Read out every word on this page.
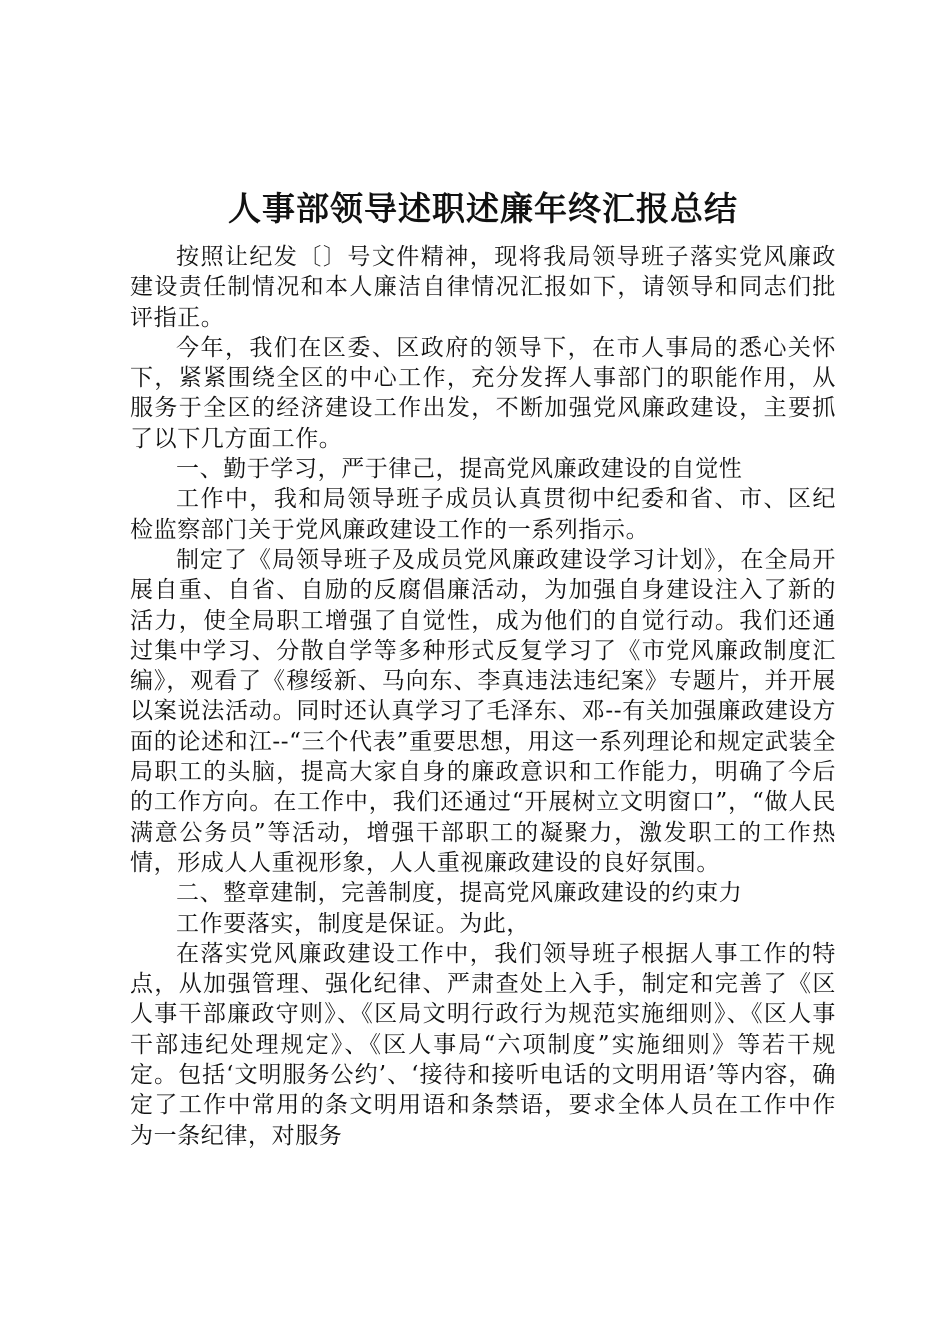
人事部领导述职述廉年终汇报总结

按照让纪发〔〕号文件精神，现将我局领导班子落实党风廉政建设责任制情况和本人廉洁自律情况汇报如下，请领导和同志们批评指正。

今年，我们在区委、区政府的领导下，在市人事局的悉心关怀下，紧紧围绕全区的中心工作，充分发挥人事部门的职能作用，从服务于全区的经济建设工作出发，不断加强党风廉政建设，主要抓了以下几方面工作。

一、勤于学习，严于律己，提高党风廉政建设的自觉性

工作中，我和局领导班子成员认真贯彻中纪委和省、市、区纪检监察部门关于党风廉政建设工作的一系列指示。

制定了《局领导班子及成员党风廉政建设学习计划》，在全局开展自重、自省、自励的反腐倡廉活动，为加强自身建设注入了新的活力，使全局职工增强了自觉性，成为他们的自觉行动。我们还通过集中学习、分散自学等多种形式反复学习了《市党风廉政制度汇编》，观看了《穆绥新、马向东、李真违法违纪案》专题片，并开展以案说法活动。同时还认真学习了毛泽东、邓--有关加强廉政建设方面的论述和江--“三个代表”重要思想，用这一系列理论和规定武装全局职工的头脑，提高大家自身的廉政意识和工作能力，明确了今后的工作方向。在工作中，我们还通过“开展树立文明窗口”，“做人民满意公务员”等活动，增强干部职工的凝聚力，激发职工的工作热情，形成人人重视形象，人人重视廉政建设的良好氛围。

二、整章建制，完善制度，提高党风廉政建设的约束力

工作要落实，制度是保证。为此，

在落实党风廉政建设工作中，我们领导班子根据人事工作的特点，从加强管理、强化纪律、严肃查处上入手，制定和完善了《区人事干部廉政守则》、《区局文明行政行为规范实施细则》、《区人事干部违纪处理规定》、《区人事局“六项制度”实施细则》等若干规定。包括‘文明服务公约’、‘接待和接听电话的文明用语’等内容，确定了工作中常用的条文明用语和条禁语，要求全体人员在工作中作为一条纪律，对服务
